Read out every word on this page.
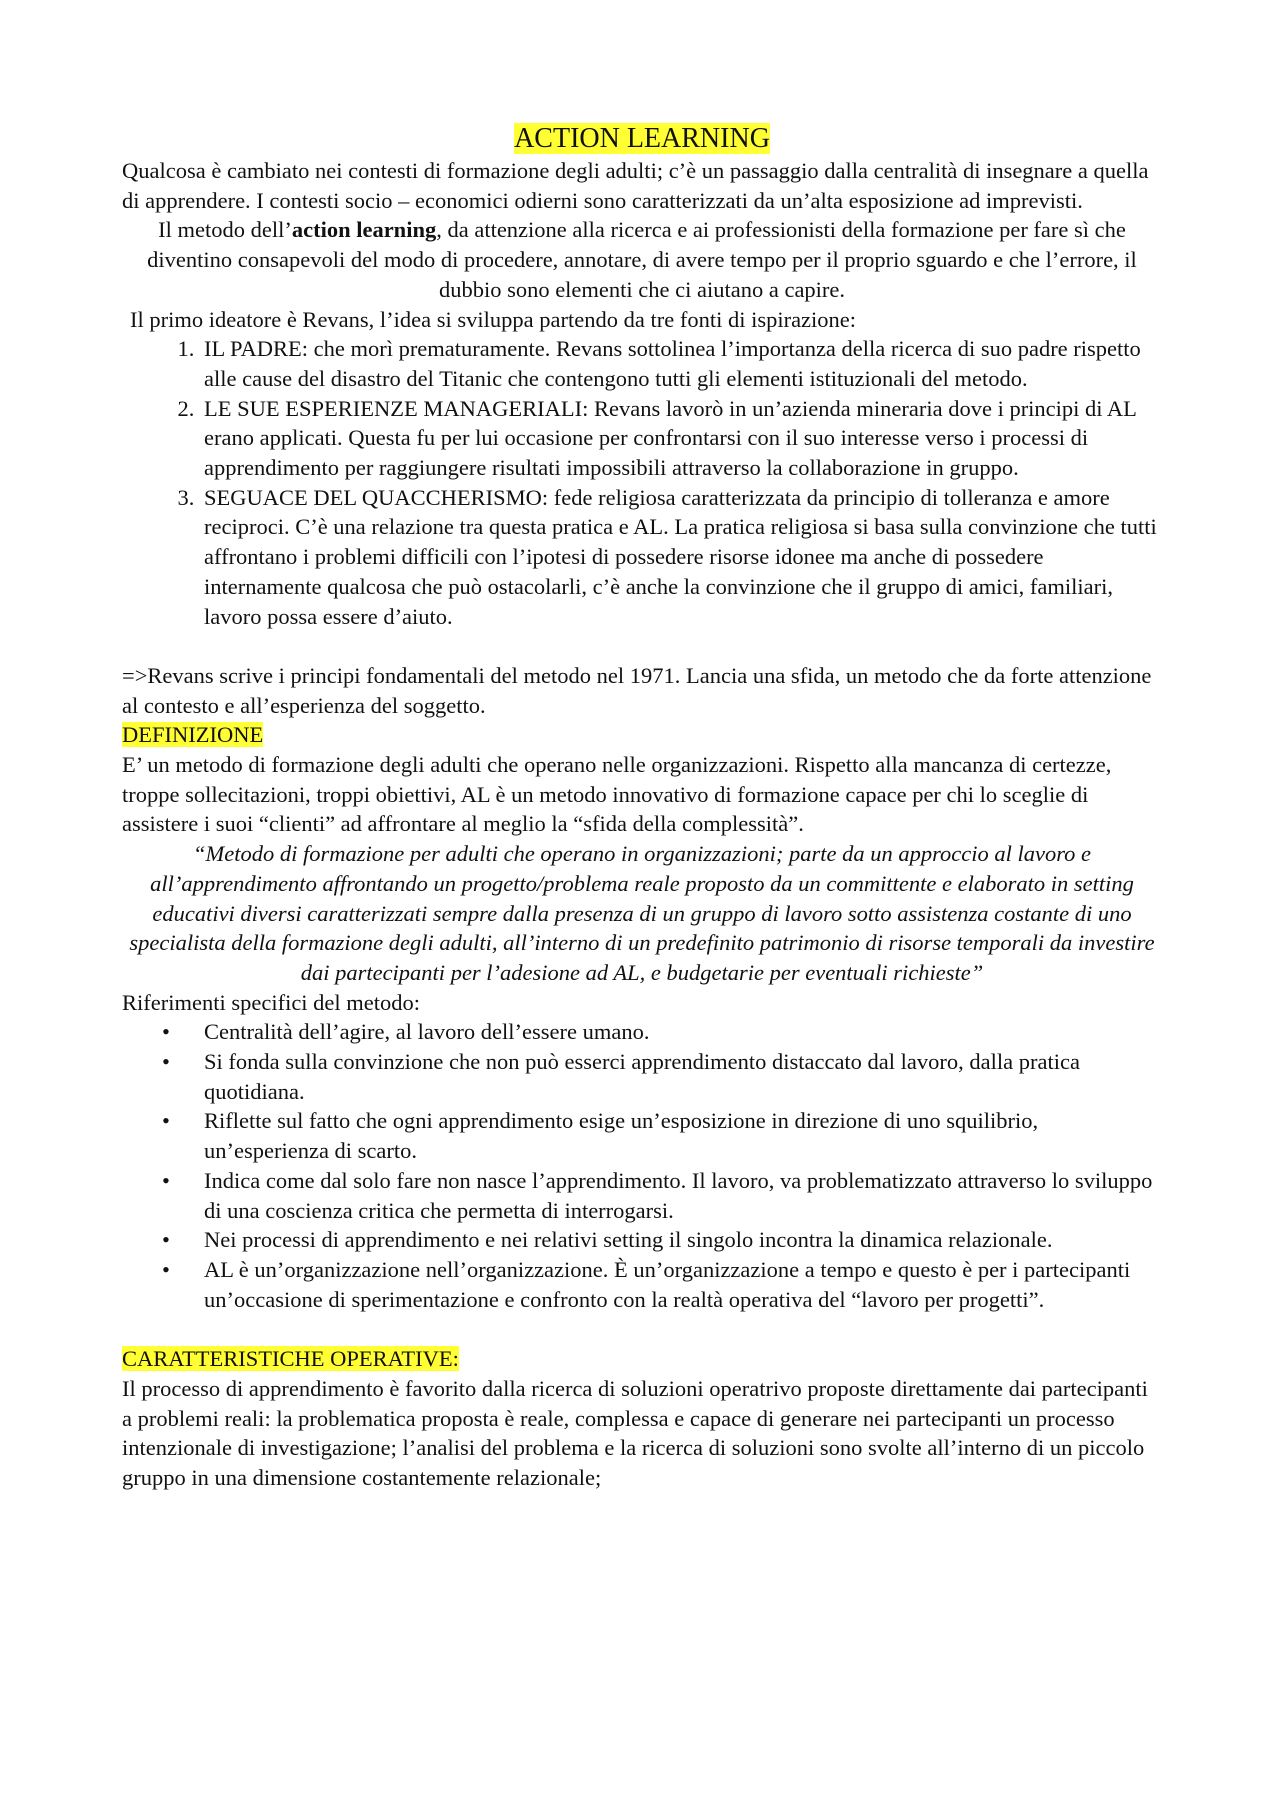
ACTION LEARNING

Qualcosa è cambiato nei contesti di formazione degli adulti; c’è un passaggio dalla centralità di insegnare a quella di apprendere. I contesti socio – economici odierni sono caratterizzati da un’alta esposizione ad imprevisti.

Il metodo dell’action learning, da attenzione alla ricerca e ai professionisti della formazione per fare sì che diventino consapevoli del modo di procedere, annotare, di avere tempo per il proprio sguardo e che l’errore, il dubbio sono elementi che ci aiutano a capire.

Il primo ideatore è Revans, l’idea si sviluppa partendo da tre fonti di ispirazione:

1. IL PADRE: che morì prematuramente. Revans sottolinea l’importanza della ricerca di suo padre rispetto alle cause del disastro del Titanic che contengono tutti gli elementi istituzionali del metodo.
2. LE SUE ESPERIENZE MANAGERIALI: Revans lavorò in un’azienda mineraria dove i principi di AL erano applicati. Questa fu per lui occasione per confrontarsi con il suo interesse verso i processi di apprendimento per raggiungere risultati impossibili attraverso la collaborazione in gruppo.
3. SEGUACE DEL QUACCHERISMO: fede religiosa caratterizzata da principio di tolleranza e amore reciproci. C’è una relazione tra questa pratica e AL. La pratica religiosa si basa sulla convinzione che tutti affrontano i problemi difficili con l’ipotesi di possedere risorse idonee ma anche di possedere internamente qualcosa che può ostacolarli, c’è anche la convinzione che il gruppo di amici, familiari, lavoro possa essere d’aiuto.

=>Revans scrive i principi fondamentali del metodo nel 1971. Lancia una sfida, un metodo che da forte attenzione al contesto e all’esperienza del soggetto.

DEFINIZIONE

E’ un metodo di formazione degli adulti che operano nelle organizzazioni. Rispetto alla mancanza di certezze, troppe sollecitazioni, troppi obiettivi, AL è un metodo innovativo di formazione capace per chi lo sceglie di assistere i suoi “clienti” ad affrontare al meglio la “sfida della complessità”.

“Metodo di formazione per adulti che operano in organizzazioni; parte da un approccio al lavoro e all’apprendimento affrontando un progetto/problema reale proposto da un committente e elaborato in setting educativi diversi caratterizzati sempre dalla presenza di un gruppo di lavoro sotto assistenza costante di uno specialista della formazione degli adulti, all’interno di un predefinito patrimonio di risorse temporali da investire dai partecipanti per l’adesione ad AL, e budgetarie per eventuali richieste”

Riferimenti specifici del metodo:

• Centralità dell’agire, al lavoro dell’essere umano.
• Si fonda sulla convinzione che non può esserci apprendimento distaccato dal lavoro, dalla pratica quotidiana.
• Riflette sul fatto che ogni apprendimento esige un’esposizione in direzione di uno squilibrio, un’esperienza di scarto.
• Indica come dal solo fare non nasce l’apprendimento. Il lavoro, va problematizzato attraverso lo sviluppo di una coscienza critica che permetta di interrogarsi.
• Nei processi di apprendimento e nei relativi setting il singolo incontra la dinamica relazionale.
• AL è un’organizzazione nell’organizzazione. È un’organizzazione a tempo e questo è per i partecipanti un’occasione di sperimentazione e confronto con la realtà operativa del “lavoro per progetti”.

CARATTERISTICHE OPERATIVE:

Il processo di apprendimento è favorito dalla ricerca di soluzioni operatrivo proposte direttamente dai partecipanti a problemi reali: la problematica proposta è reale, complessa e capace di generare nei partecipanti un processo intenzionale di investigazione; l’analisi del problema e la ricerca di soluzioni sono svolte all’interno di un piccolo gruppo in una dimensione costantemente relazionale;
